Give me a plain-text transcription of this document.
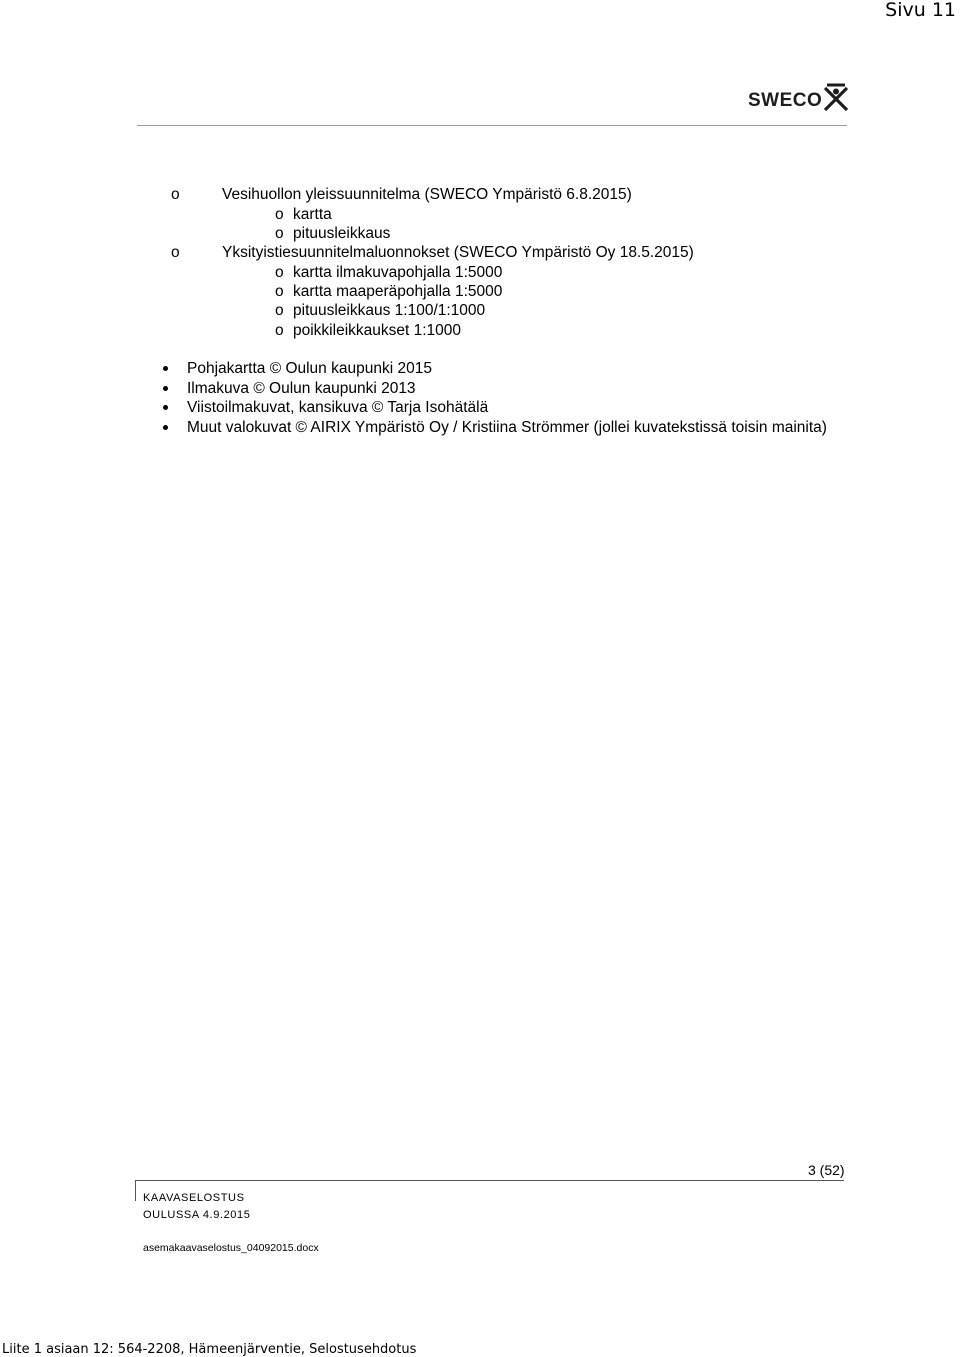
Sivu 11
SWECO
o	Vesihuollon yleissuunnitelma (SWECO Ympäristö 6.8.2015)
o kartta
o pituusleikkaus
o	Yksityistiesuunnitelmaluonnokset (SWECO Ympäristö Oy 18.5.2015)
o kartta ilmakuvapohjalla 1:5000
o kartta maaperäpohjalla 1:5000
o pituusleikkaus 1:100/1:1000
o poikkileikkaukset 1:1000
Pohjakartta © Oulun kaupunki 2015
Ilmakuva © Oulun kaupunki 2013
Viistoilmakuvat, kansikuva © Tarja Isohätälä
Muut valokuvat © AIRIX Ympäristö Oy / Kristiina Strömmer (jollei kuvatekstissä toisin mainita)
3 (52)
KAAVASELOSTUS
OULUSSA 4.9.2015
asemakaavaselostus_04092015.docx
Liite 1 asiaan 12: 564-2208, Hämeenjärventie, Selostusehdotus
